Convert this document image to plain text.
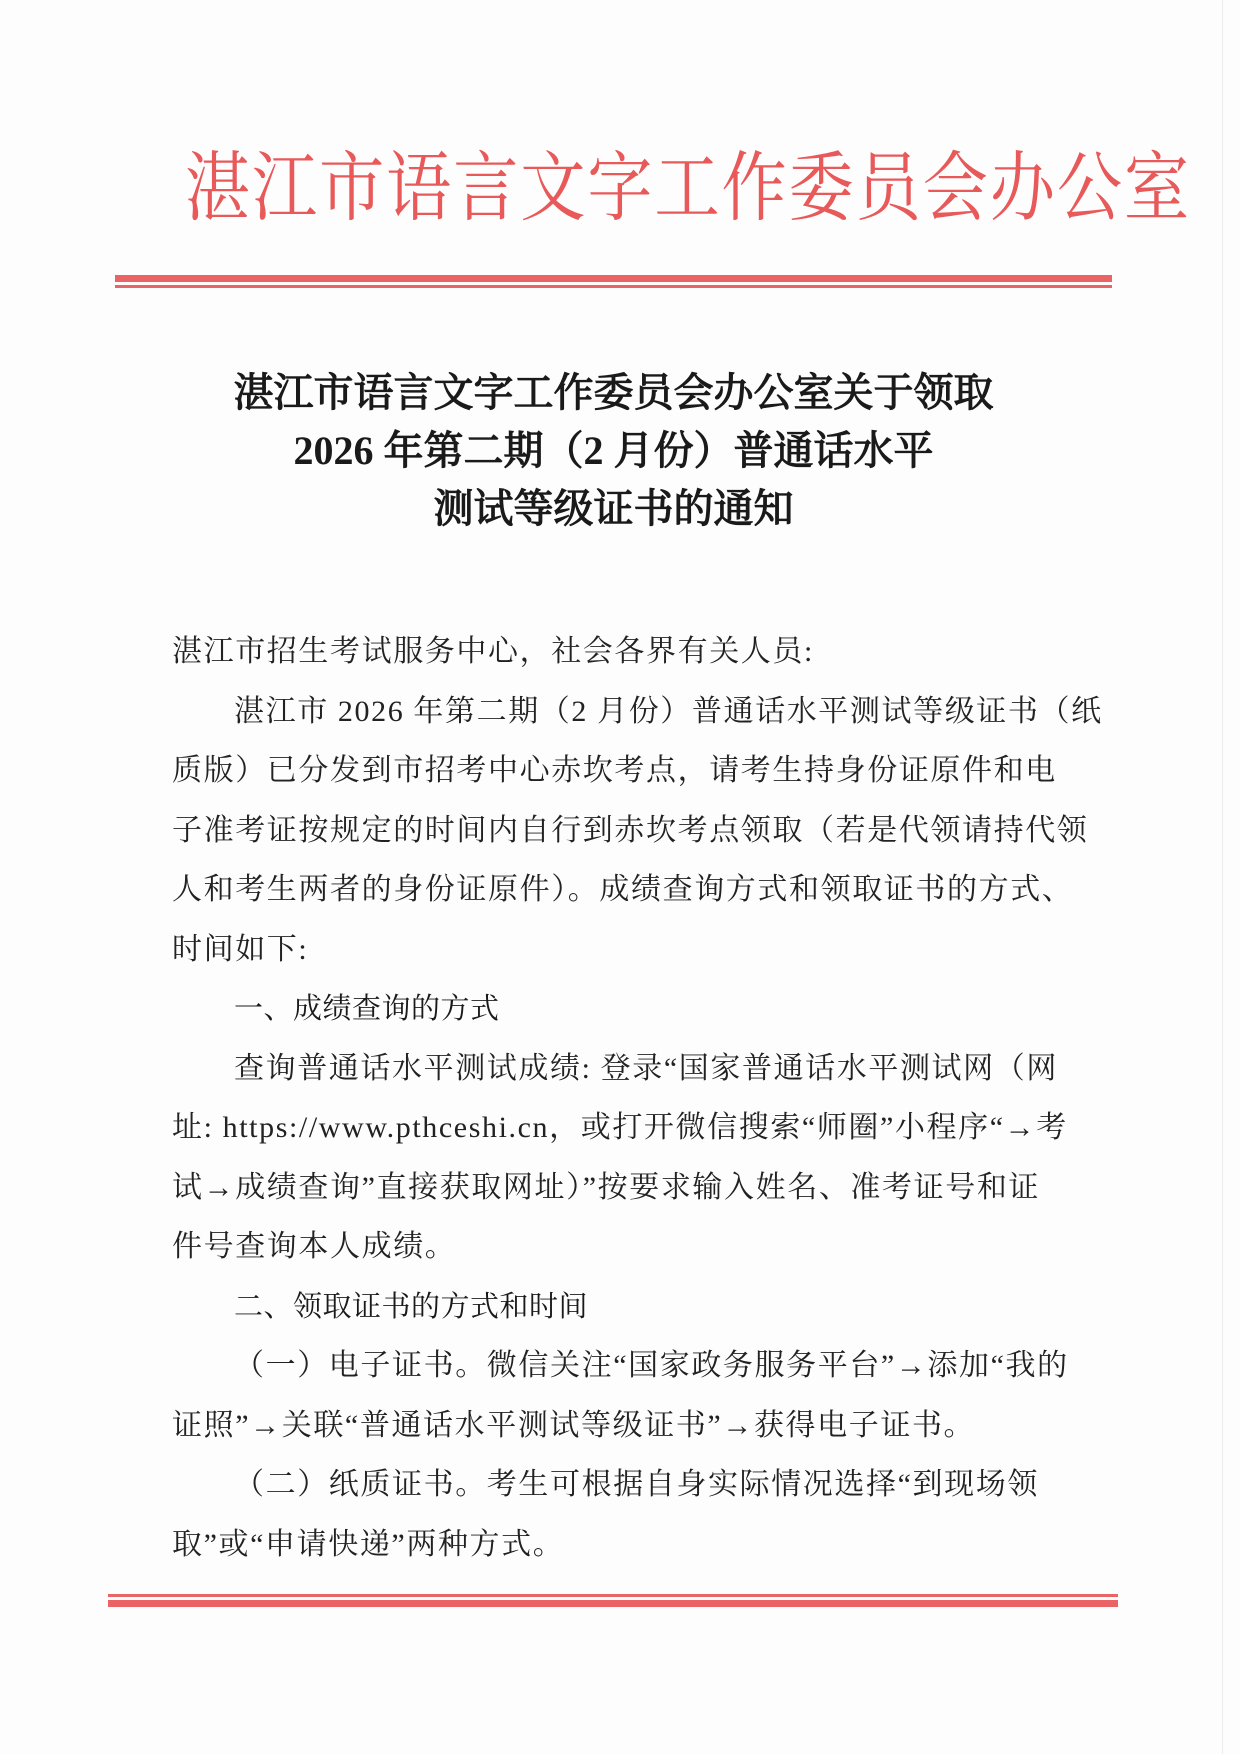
湛江市语言文字工作委员会办公室
湛江市语言文字工作委员会办公室关于领取
2026 年第二期（2 月份）普通话水平
测试等级证书的通知

湛江市招生考试服务中心，社会各界有关人员:

湛江市 2026 年第二期（2 月份）普通话水平测试等级证书（纸
质版）已分发到市招考中心赤坎考点，请考生持身份证原件和电
子准考证按规定的时间内自行到赤坎考点领取（若是代领请持代领
人和考生两者的身份证原件）。成绩查询方式和领取证书的方式、
时间如下:

一、成绩查询的方式

查询普通话水平测试成绩: 登录“国家普通话水平测试网（网
址: https://www.pthceshi.cn，或打开微信搜索“师圈”小程序“→考
试→成绩查询”直接获取网址）”按要求输入姓名、准考证号和证
件号查询本人成绩。

二、领取证书的方式和时间

（一）电子证书。微信关注“国家政务服务平台”→添加“我的
证照”→关联“普通话水平测试等级证书”→获得电子证书。

（二）纸质证书。考生可根据自身实际情况选择“到现场领
取”或“申请快递”两种方式。
